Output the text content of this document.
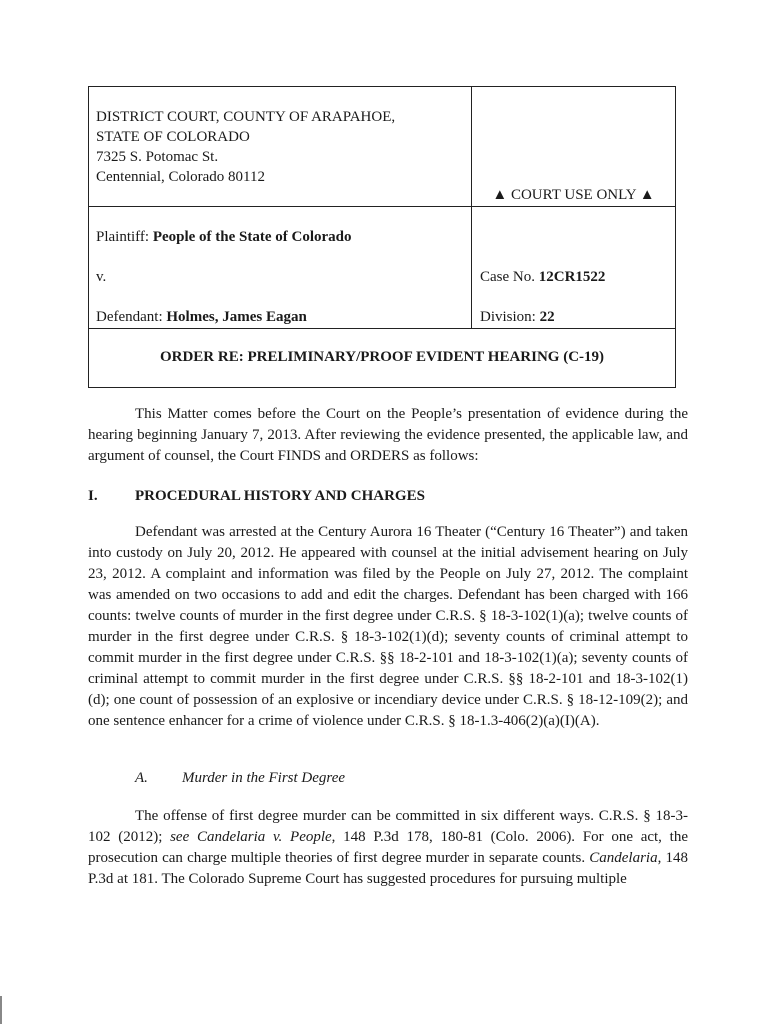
DISTRICT COURT, COUNTY OF ARAPAHOE,
STATE OF COLORADO
7325 S. Potomac St.
Centennial, Colorado 80112
▲ COURT USE ONLY ▲
Plaintiff: People of the State of Colorado
v.
Defendant: Holmes, James Eagan
Case No. 12CR1522
Division: 22
ORDER RE: PRELIMINARY/PROOF EVIDENT HEARING (C-19)

This Matter comes before the Court on the People’s presentation of evidence during the hearing beginning January 7, 2013. After reviewing the evidence presented, the applicable law, and argument of counsel, the Court FINDS and ORDERS as follows:

I. PROCEDURAL HISTORY AND CHARGES

Defendant was arrested at the Century Aurora 16 Theater (“Century 16 Theater”) and taken into custody on July 20, 2012. He appeared with counsel at the initial advisement hearing on July 23, 2012. A complaint and information was filed by the People on July 27, 2012. The complaint was amended on two occasions to add and edit the charges. Defendant has been charged with 166 counts: twelve counts of murder in the first degree under C.R.S. § 18-3-102(1)(a); twelve counts of murder in the first degree under C.R.S. § 18-3-102(1)(d); seventy counts of criminal attempt to commit murder in the first degree under C.R.S. §§ 18-2-101 and 18-3-102(1)(a); seventy counts of criminal attempt to commit murder in the first degree under C.R.S. §§ 18-2-101 and 18-3-102(1)(d); one count of possession of an explosive or incendiary device under C.R.S. § 18-12-109(2); and one sentence enhancer for a crime of violence under C.R.S. § 18-1.3-406(2)(a)(I)(A).

A. Murder in the First Degree

The offense of first degree murder can be committed in six different ways. C.R.S. § 18-3-102 (2012); see Candelaria v. People, 148 P.3d 178, 180-81 (Colo. 2006). For one act, the prosecution can charge multiple theories of first degree murder in separate counts. Candelaria, 148 P.3d at 181. The Colorado Supreme Court has suggested procedures for pursuing multiple
